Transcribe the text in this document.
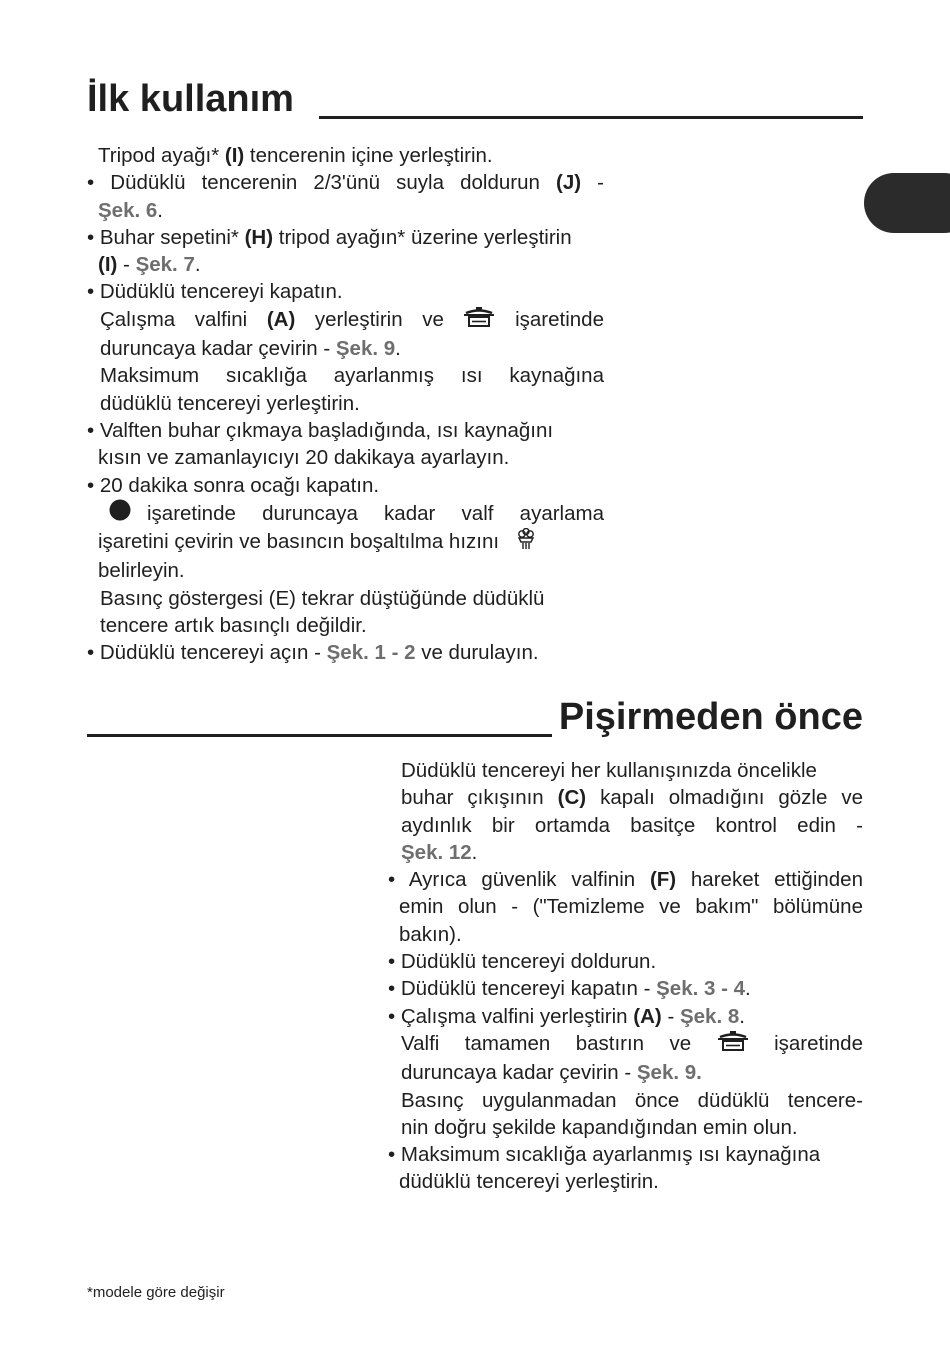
İlk kullanım
Tripod ayağı* (I) tencerenin içine yerleştirin.
• Düdüklü tencerenin 2/3'ünü suyla doldurun (J) -
Şek. 6.
• Buhar sepetini* (H) tripod ayağın* üzerine yerleştirin
(I) - Şek. 7.
• Düdüklü tencereyi kapatın.
Çalışma valfini (A) yerleştirin ve	işaretinde
duruncaya kadar çevirin - Şek. 9.
Maksimum sıcaklığa ayarlanmış ısı kaynağına
düdüklü tencereyi yerleştirin.
• Valften buhar çıkmaya başladığında, ısı kaynağını
kısın ve zamanlayıcıyı 20 dakikaya ayarlayın.
• 20 dakika sonra ocağı kapatın.
işaretinde duruncaya kadar valf ayarlama
işaretini çevirin ve basıncın boşaltılma hızını
belirleyin.
Basınç göstergesi (E) tekrar düştüğünde düdüklü
tencere artık basınçlı değildir.
• Düdüklü tencereyi açın - Şek. 1 - 2 ve durulayın.
Pişirmeden önce
Düdüklü tencereyi her kullanışınızda öncelikle
buhar çıkışının (C) kapalı olmadığını gözle ve
aydınlık bir ortamda basitçe kontrol edin -
Şek. 12.
• Ayrıca güvenlik valfinin (F) hareket ettiğinden
emin olun - ("Temizleme ve bakım" bölümüne
bakın).
• Düdüklü tencereyi doldurun.
• Düdüklü tencereyi kapatın - Şek. 3 - 4.
• Çalışma valfini yerleştirin (A) - Şek. 8.
Valfi tamamen bastırın ve	işaretinde
duruncaya kadar çevirin - Şek. 9.
Basınç uygulanmadan önce düdüklü tencere-
nin doğru şekilde kapandığından emin olun.
• Maksimum sıcaklığa ayarlanmış ısı kaynağına
düdüklü tencereyi yerleştirin.
*modele göre değişir
